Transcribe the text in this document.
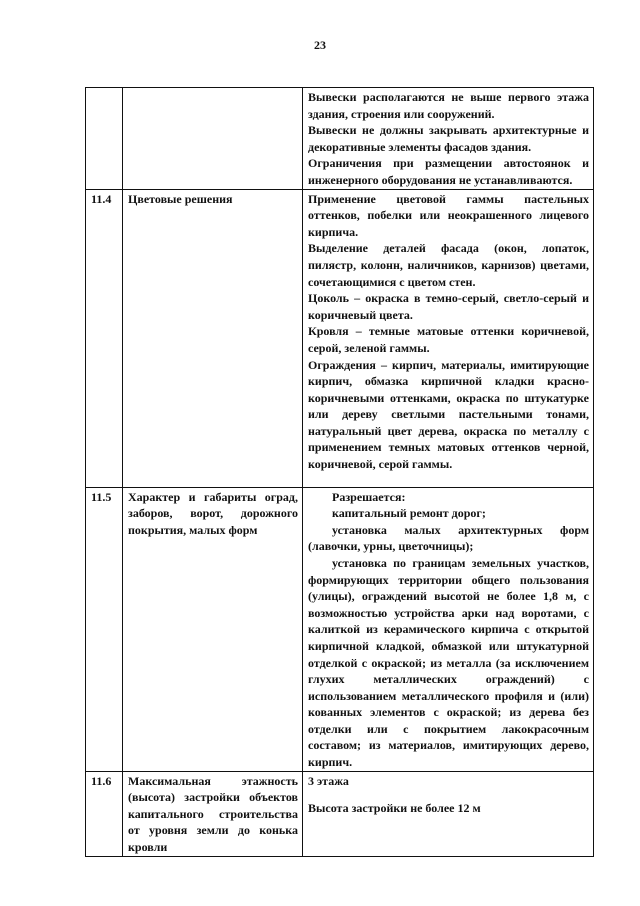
23

		Вывески располагаются не выше первого этажа здания, строения или сооружений.

Вывески не должны закрывать архитектурные и декоративные элементы фасадов здания.

Ограничения при размещении автостоянок и инженерного оборудования не устанавливаются.

11.4	Цветовые решения	Применение цветовой гаммы пастельных оттенков, побелки или неокрашенного лицевого кирпича.

Выделение деталей фасада (окон, лопаток, пилястр, колонн, наличников, карнизов) цветами, сочетающимися с цветом стен.

Цоколь – окраска в темно-серый, светло-серый и коричневый цвета.

Кровля – темные матовые оттенки коричневой, серой, зеленой гаммы.

Ограждения – кирпич, материалы, имитирующие кирпич, обмазка кирпичной кладки красно-коричневыми оттенками, окраска по штукатурке или дереву светлыми пастельными тонами, натуральный цвет дерева, окраска по металлу с применением темных матовых оттенков черной, коричневой, серой гаммы.

11.5	Характер и габариты оград, заборов, ворот, дорожного покрытия, малых форм	Разрешается:

капитальный ремонт дорог;

установка малых архитектурных форм (лавочки, урны, цветочницы);

установка по границам земельных участков, формирующих территории общего пользования (улицы), ограждений высотой не более 1,8 м, с возможностью устройства арки над воротами, с калиткой из керамического кирпича с открытой кирпичной кладкой, обмазкой или штукатурной отделкой с окраской; из металла (за исключением глухих металлических ограждений) с использованием металлического профиля и (или) кованных элементов с окраской; из дерева без отделки или с покрытием лакокрасочным составом; из материалов, имитирующих дерево, кирпич.

11.6	Максимальная этажность (высота) застройки объектов капитального строительства от уровня земли до конька кровли	3 этажа

Высота застройки не более 12 м
